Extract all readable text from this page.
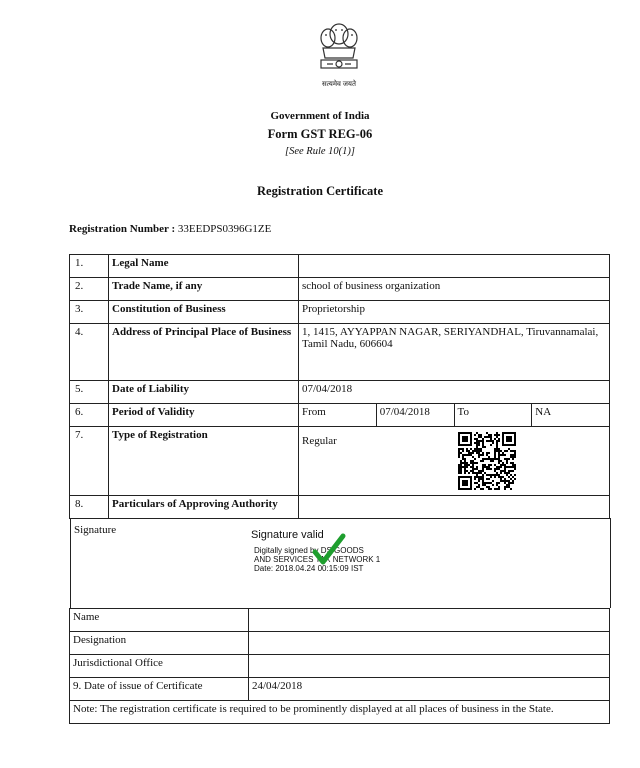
सत्यमेव जयते
Government of India
Form GST REG-06
[See Rule 10(1)]
Registration Certificate
Registration Number : 33EEDPS0396G1ZE
1.	Legal Name				
2.	Trade Name, if any	school of business organization			
3.	Constitution of Business	Proprietorship			
4.	Address of Principal Place of Business	1, 1415, AYYAPPAN NAGAR, SERIYANDHAL, Tiruvannamalai, Tamil Nadu, 606604			
5.	Date of Liability	07/04/2018			
6.	Period of Validity	From	07/04/2018	To	NA
7.	Type of Registration	Regular			
8.	Particulars of Approving Authority				
Signature	Signature valid
Digitally signed by DS GOODS
AND SERVICES TAX NETWORK 1
Date: 2018.04.24 00:15:09 IST
Name	
Designation	
Jurisdictional Office	
9. Date of issue of Certificate	24/04/2018
Note: The registration certificate is required to be prominently displayed at all places of business in the State.	
